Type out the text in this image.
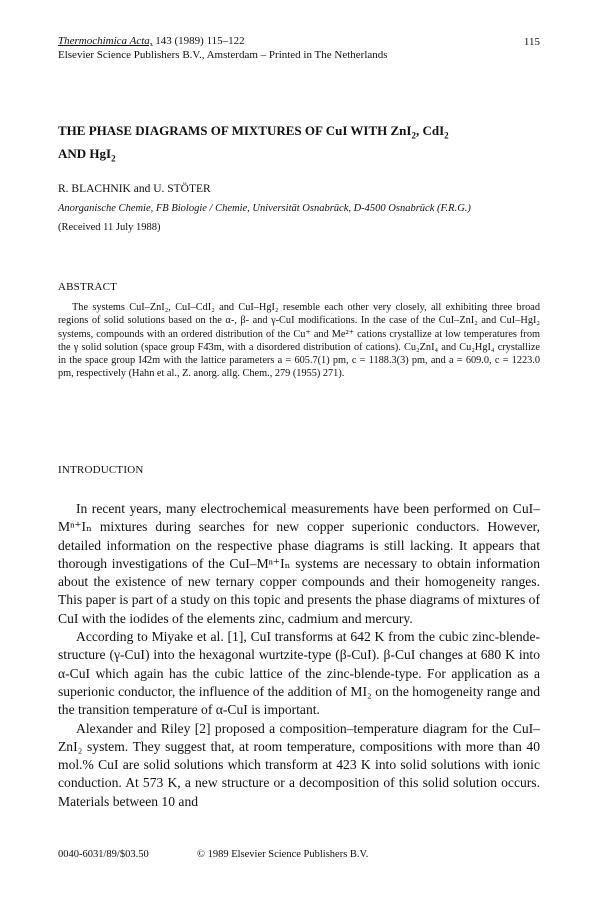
Thermochimica Acta, 143 (1989) 115–122
Elsevier Science Publishers B.V., Amsterdam – Printed in The Netherlands
115
THE PHASE DIAGRAMS OF MIXTURES OF CuI WITH ZnI$_2$, CdI$_2$
AND HgI$_2$
R. BLACHNIK and U. STÖTER
Anorganische Chemie, FB Biologie / Chemie, Universität Osnabrück, D-4500 Osnabrück (F.R.G.)
(Received 11 July 1988)
ABSTRACT

The systems CuI–ZnI₂, CuI–CdI₂ and CuI–HgI₂ resemble each other very closely, all exhibiting three broad regions of solid solutions based on the α-, β- and γ-CuI modifications. In the case of the CuI–ZnI₂ and CuI–HgI₂ systems, compounds with an ordered distribution of the Cu⁺ and Me²⁺ cations crystallize at low temperatures from the γ solid solution (space group F4̄3m, with a disordered distribution of cations). Cu₂ZnI₄ and Cu₂HgI₄ crystallize in the space group I4̄2m with the lattice parameters a = 605.7(1) pm, c = 1188.3(3) pm, and a = 609.0, c = 1223.0 pm, respectively (Hahn et al., Z. anorg. allg. Chem., 279 (1955) 271).

INTRODUCTION

In recent years, many electrochemical measurements have been performed on CuI–Mⁿ⁺Iₙ mixtures during searches for new copper superionic conductors. However, detailed information on the respective phase diagrams is still lacking. It appears that thorough investigations of the CuI–Mⁿ⁺Iₙ systems are necessary to obtain information about the existence of new ternary copper compounds and their homogeneity ranges. This paper is part of a study on this topic and presents the phase diagrams of mixtures of CuI with the iodides of the elements zinc, cadmium and mercury.

According to Miyake et al. [1], CuI transforms at 642 K from the cubic zinc-blende-structure (γ-CuI) into the hexagonal wurtzite-type (β-CuI). β-CuI changes at 680 K into α-CuI which again has the cubic lattice of the zinc-blende-type. For application as a superionic conductor, the influence of the addition of MI₂ on the homogeneity range and the transition temperature of α-CuI is important.

Alexander and Riley [2] proposed a composition–temperature diagram for the CuI–ZnI₂ system. They suggest that, at room temperature, compositions with more than 40 mol.% CuI are solid solutions which transform at 423 K into solid solutions with ionic conduction. At 573 K, a new structure or a decomposition of this solid solution occurs. Materials between 10 and

0040-6031/89/$03.50	© 1989 Elsevier Science Publishers B.V.
